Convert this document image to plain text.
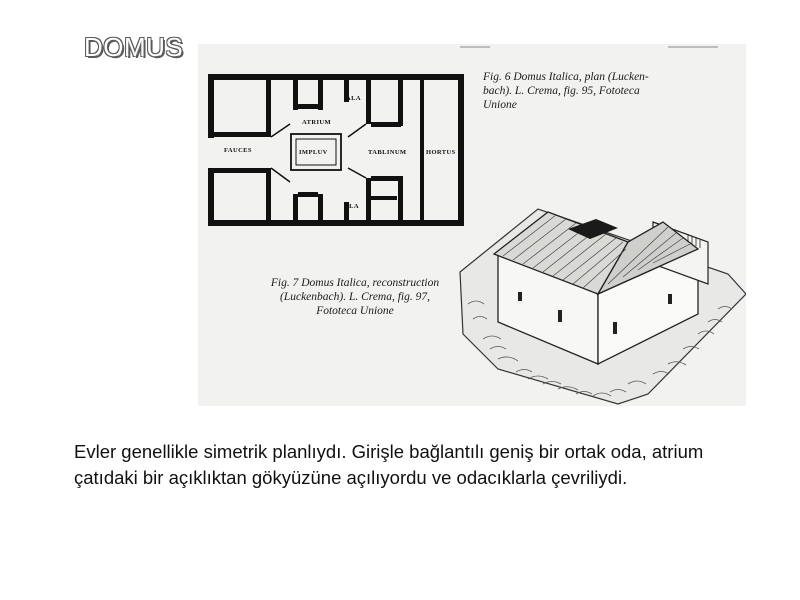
DOMUS
ALA
ATRIUM
FAUCES	IMPLUV	TABLINUM	HORTUS
ALA
Fig. 6 Domus Italica, plan (Lucken-
bach). L. Crema, fig. 95, Fototeca
Unione
Fig. 7 Domus Italica, reconstruction
(Luckenbach). L. Crema, fig. 97,
Fototeca Unione
Evler genellikle simetrik planlıydı. Girişle bağlantılı geniş bir ortak oda, atrium çatıdaki bir açıklıktan gökyüzüne açılıyordu ve odacıklarla çevriliydi.
